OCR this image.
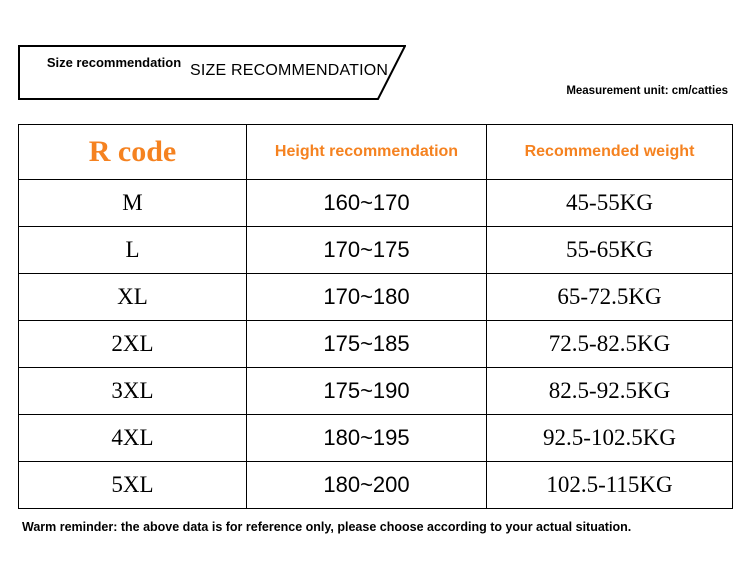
Size recommendation SIZE RECOMMENDATION
Measurement unit: cm/catties
R code	Height recommendation	Recommended weight
M	160~170	45-55KG
L	170~175	55-65KG
XL	170~180	65-72.5KG
2XL	175~185	72.5-82.5KG
3XL	175~190	82.5-92.5KG
4XL	180~195	92.5-102.5KG
5XL	180~200	102.5-115KG
Warm reminder: the above data is for reference only, please choose according to your actual situation.
